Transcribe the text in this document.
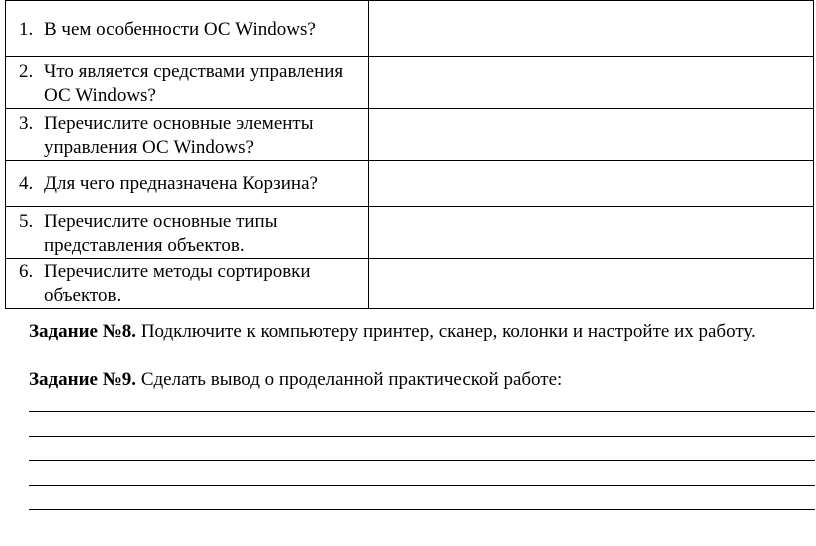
1. В чем особенности ОС Windows?	

2. Что является средствами управления ОС Windows?	

3. Перечислите основные элементы управления ОС Windows?	

4. Для чего предназначена Корзина?	

5. Перечислите основные типы представления объектов.	

6. Перечислите методы сортировки объектов.	

Задание №8. Подключите к компьютеру принтер, сканер, колонки и настройте их работу.
Задание №9. Сделать вывод о проделанной практической работе:
